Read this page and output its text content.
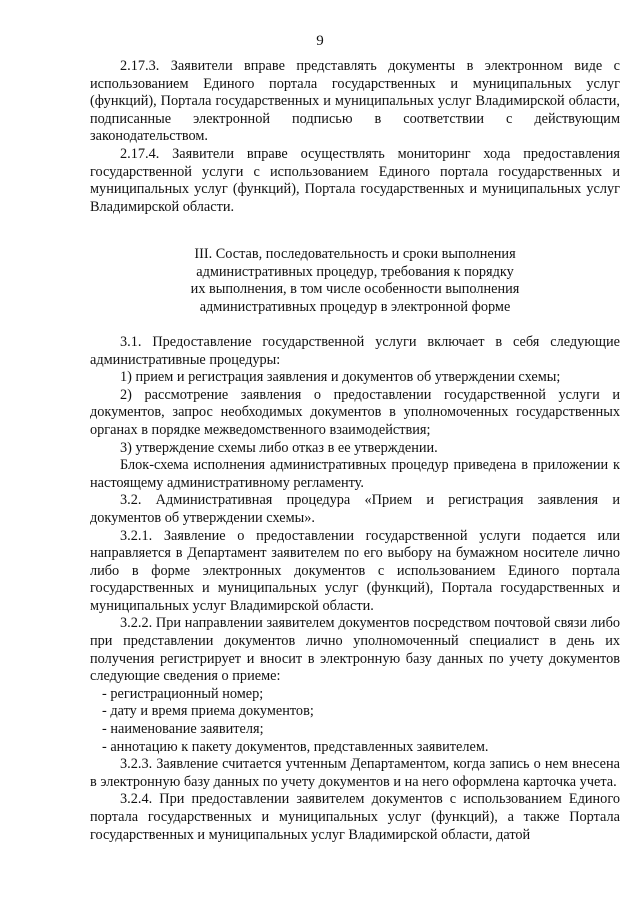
9

2.17.3. Заявители вправе представлять документы в электронном виде с использованием Единого портала государственных и муниципальных услуг (функций), Портала государственных и муниципальных услуг Владимирской области, подписанные электронной подписью в соответствии с действующим законодательством.

2.17.4. Заявители вправе осуществлять мониторинг хода предоставления государственной услуги с использованием Единого портала государственных и муниципальных услуг (функций), Портала государственных и муниципальных услуг Владимирской области.

III. Состав, последовательность и сроки выполнения
административных процедур, требования к порядку
их выполнения, в том числе особенности выполнения
административных процедур в электронной форме

3.1. Предоставление государственной услуги включает в себя следующие административные процедуры:

1) прием и регистрация заявления и документов об утверждении схемы;

2) рассмотрение заявления о предоставлении государственной услуги и документов, запрос необходимых документов в уполномоченных государственных органах в порядке межведомственного взаимодействия;

3) утверждение схемы либо отказ в ее утверждении.

Блок-схема исполнения административных процедур приведена в приложении к настоящему административному регламенту.

3.2. Административная процедура «Прием и регистрация заявления и документов об утверждении схемы».

3.2.1. Заявление о предоставлении государственной услуги подается или направляется в Департамент заявителем по его выбору на бумажном носителе лично либо в форме электронных документов с использованием Единого портала государственных и муниципальных услуг (функций), Портала государственных и муниципальных услуг Владимирской области.

3.2.2. При направлении заявителем документов посредством почтовой связи либо при представлении документов лично уполномоченный специалист в день их получения регистрирует и вносит в электронную базу данных по учету документов следующие сведения о приеме:

- регистрационный номер;

- дату и время приема документов;

- наименование заявителя;

- аннотацию к пакету документов, представленных заявителем.

3.2.3. Заявление считается учтенным Департаментом, когда запись о нем внесена в электронную базу данных по учету документов и на него оформлена карточка учета.

3.2.4. При предоставлении заявителем документов с использованием Единого портала государственных и муниципальных услуг (функций), а также Портала государственных и муниципальных услуг Владимирской области, датой
